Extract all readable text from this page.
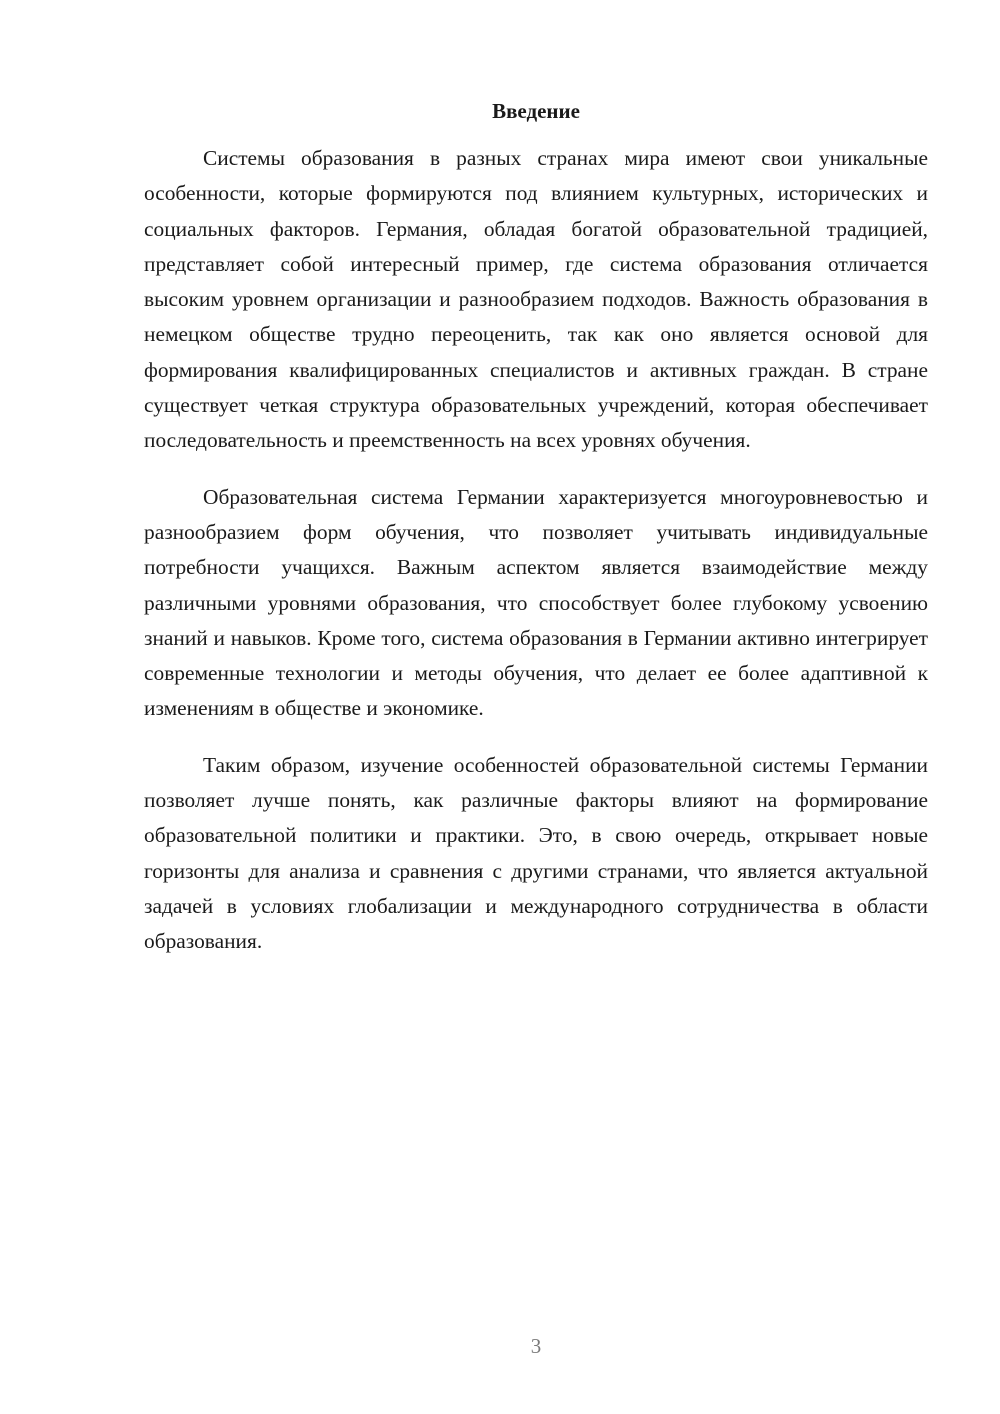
Введение

Системы образования в разных странах мира имеют свои уникальные особенности, которые формируются под влиянием культурных, исторических и социальных факторов. Германия, обладая богатой образовательной традицией, представляет собой интересный пример, где система образования отличается высоким уровнем организации и разнообразием подходов. Важность образования в немецком обществе трудно переоценить, так как оно является основой для формирования квалифицированных специалистов и активных граждан. В стране существует четкая структура образовательных учреждений, которая обеспечивает последовательность и преемственность на всех уровнях обучения.

Образовательная система Германии характеризуется многоуровневостью и разнообразием форм обучения, что позволяет учитывать индивидуальные потребности учащихся. Важным аспектом является взаимодействие между различными уровнями образования, что способствует более глубокому усвоению знаний и навыков. Кроме того, система образования в Германии активно интегрирует современные технологии и методы обучения, что делает ее более адаптивной к изменениям в обществе и экономике.

Таким образом, изучение особенностей образовательной системы Германии позволяет лучше понять, как различные факторы влияют на формирование образовательной политики и практики. Это, в свою очередь, открывает новые горизонты для анализа и сравнения с другими странами, что является актуальной задачей в условиях глобализации и международного сотрудничества в области образования.

3
